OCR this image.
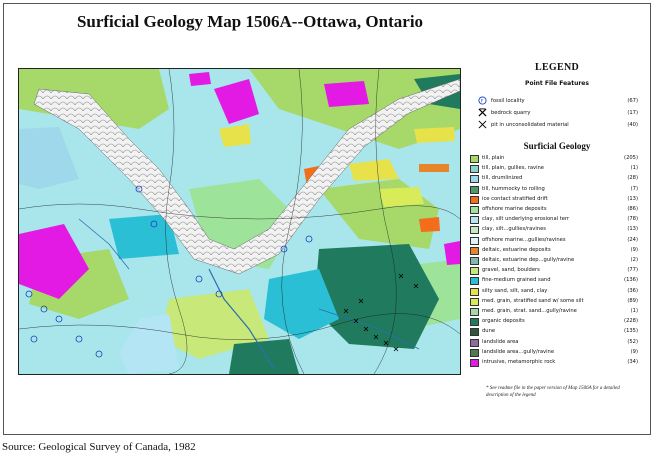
Surficial Geology Map 1506A--Ottawa, Ontario
LEGEND
Point File Features
F fossil locality	(67)
bedrock quarry	(17)
pit in unconsolidated material	(40)
Surficial Geology
till, plain	(205)
till, plain, gullies, ravine	(1)
till, drumlinized	(28)
till, hummocky to rolling	(7)
ice contact stratified drift	(13)
offshore marine deposits	(86)
clay, silt underlying erosional terr	(78)
clay, silt...gullies/ravines	(13)
offshore marine...gullies/ravines	(24)
deltaic, estuarine deposits	(9)
deltaic, estuarine dep...gully/ravine	(2)
gravel, sand, boulders	(77)
fine-medium grained sand	(136)
silty sand, silt, sand, clay	(36)
med. grain, stratified sand w/ some silt	(89)
med. grain, strat. sand...gully/ravine	(1)
organic deposits	(228)
dune	(135)
landslide area	(52)
landslide area...gully/ravine	(9)
intrusive, metamorphic rock	(34)
* See readme file in the paper version of Map 1506A for a detailed description of the legend
Source: Geological Survey of Canada, 1982
